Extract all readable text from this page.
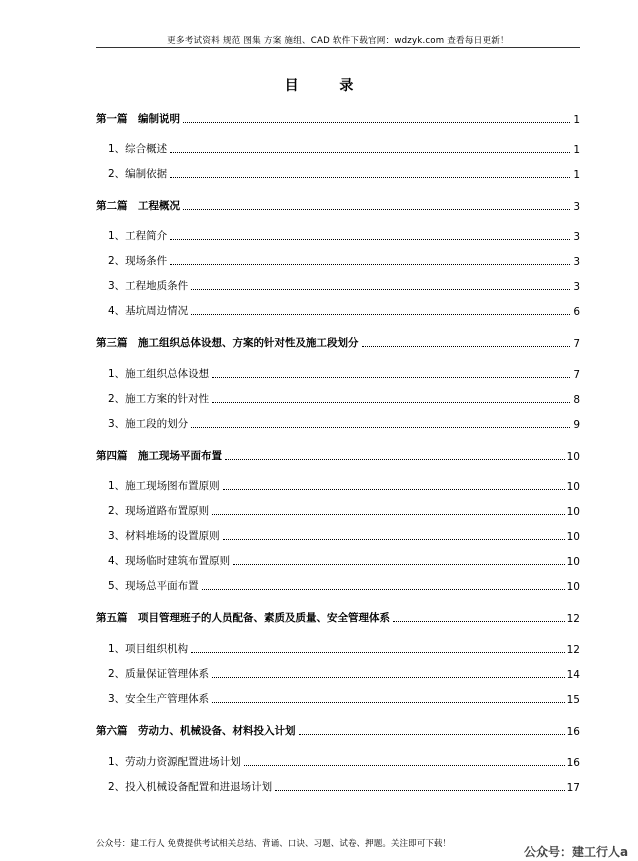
更多考试资料 规范 图集 方案 施组、CAD 软件下载官网：wdzyk.com 查看每日更新！
目 录
第一篇　编制说明	1
1、综合概述	1
2、编制依据	1
第二篇　工程概况	3
1、工程简介	3
2、现场条件	3
3、工程地质条件	3
4、基坑周边情况	6
第三篇　施工组织总体设想、方案的针对性及施工段划分	7
1、施工组织总体设想	7
2、施工方案的针对性	8
3、施工段的划分	9
第四篇　施工现场平面布置	10
1、施工现场图布置原则	10
2、现场道路布置原则	10
3、材料堆场的设置原则	10
4、现场临时建筑布置原则	10
5、现场总平面布置	10
第五篇　项目管理班子的人员配备、素质及质量、安全管理体系	12
1、项目组织机构	12
2、质量保证管理体系	14
3、安全生产管理体系	15
第六篇　劳动力、机械设备、材料投入计划	16
1、劳动力资源配置进场计划	16
2、投入机械设备配置和进退场计划	17
公众号：建工行人 免费提供考试相关总结、背诵、口诀、习题、试卷、押题。关注即可下载！
公众号：建工行人a
